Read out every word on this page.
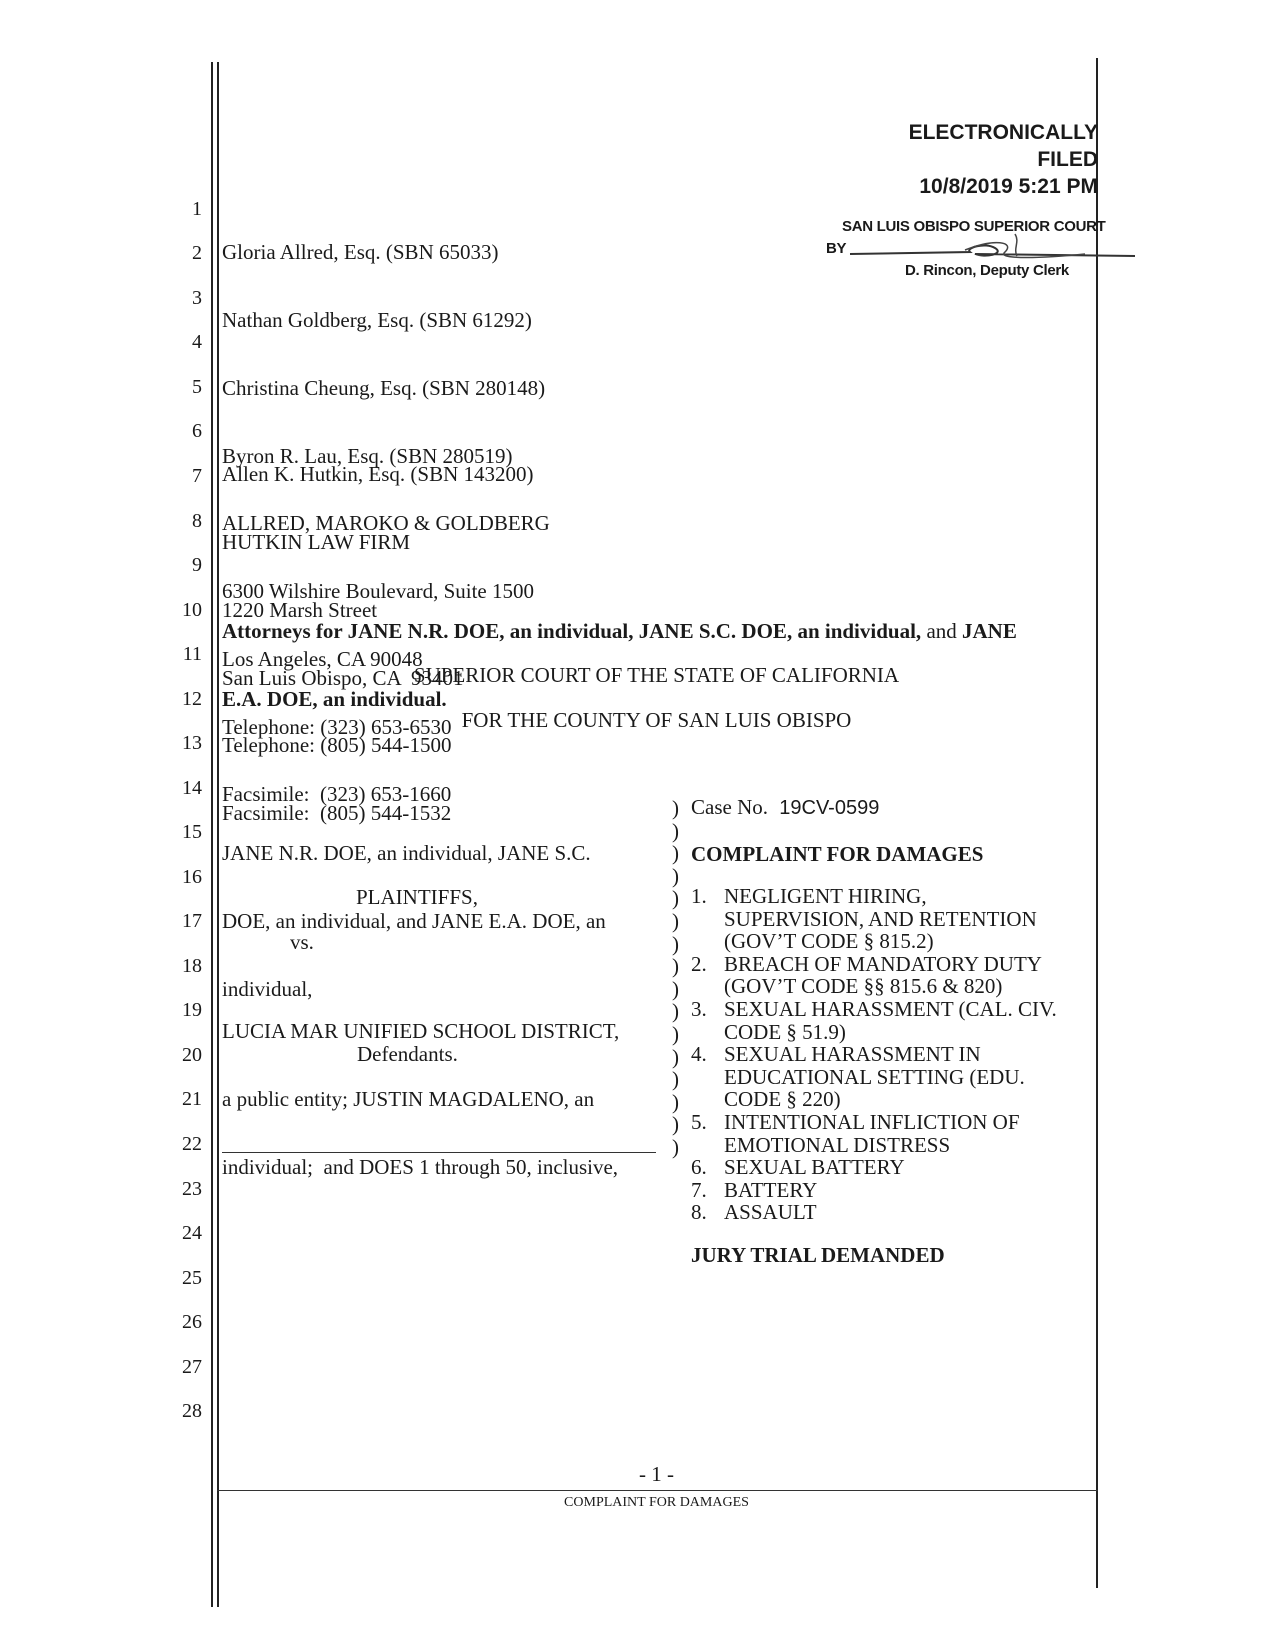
ELECTRONICALLY
FILED
10/8/2019 5:21 PM
SAN LUIS OBISPO SUPERIOR COURT
BY
D. Rincon, Deputy Clerk
1
2
3
4
5
6
7
8
9
10
11
12
13
14
15
16
17
18
19
20
21
22
23
24
25
26
27
28

Gloria Allred, Esq. (SBN 65033)

Nathan Goldberg, Esq. (SBN 61292)

Christina Cheung, Esq. (SBN 280148)

Byron R. Lau, Esq. (SBN 280519)

ALLRED, MAROKO & GOLDBERG

6300 Wilshire Boulevard, Suite 1500

Los Angeles, CA 90048

Telephone: (323) 653-6530

Facsimile:  (323) 653-1660

Allen K. Hutkin, Esq. (SBN 143200)

HUTKIN LAW FIRM

1220 Marsh Street

San Luis Obispo, CA  93401

Telephone: (805) 544-1500

Facsimile:  (805) 544-1532

Attorneys for JANE N.R. DOE, an individual, JANE S.C. DOE, an individual, and JANE

E.A. DOE, an individual.

SUPERIOR COURT OF THE STATE OF CALIFORNIA
FOR THE COUNTY OF SAN LUIS OBISPO

JANE N.R. DOE, an individual, JANE S.C.

DOE, an individual, and JANE E.A. DOE, an

individual,

PLAINTIFFS,
vs.

LUCIA MAR UNIFIED SCHOOL DISTRICT,

a public entity; JUSTIN MAGDALENO, an

individual;  and DOES 1 through 50, inclusive,

Defendants.
)
)
)
)
)
)
)
)
)
)
)
)
)
)
)
)
Case No. 19CV-0599
COMPLAINT FOR DAMAGES
1. NEGLIGENT HIRING,
SUPERVISION, AND RETENTION
(GOV’T CODE § 815.2)
2. BREACH OF MANDATORY DUTY
(GOV’T CODE §§ 815.6 & 820)
3. SEXUAL HARASSMENT (CAL. CIV.
CODE § 51.9)
4. SEXUAL HARASSMENT IN
EDUCATIONAL SETTING (EDU.
CODE § 220)
5. INTENTIONAL INFLICTION OF
EMOTIONAL DISTRESS
6. SEXUAL BATTERY
7. BATTERY
8. ASSAULT
JURY TRIAL DEMANDED
- 1 -
COMPLAINT FOR DAMAGES
